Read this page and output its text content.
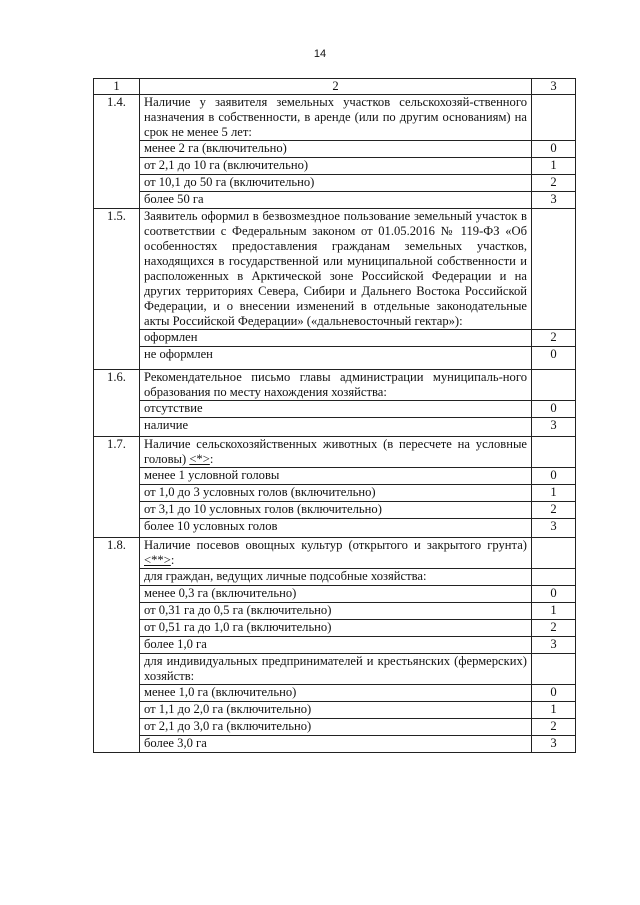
14
1	2	3
1.4.	Наличие у заявителя земельных участков сельскохозяй-ственного назначения в собственности, в аренде (или по другим основаниям) на срок не менее 5 лет:	
	менее 2 га (включительно)	0
	от 2,1 до 10 га (включительно)	1
	от 10,1 до 50 га (включительно)	2
	более 50 га	3
1.5.	Заявитель оформил в безвозмездное пользование земельный участок в соответствии с Федеральным законом от 01.05.2016 № 119-ФЗ «Об особенностях предоставления гражданам земельных участков, находящихся в государственной или муниципальной собственности и расположенных в Арктической зоне Российской Федерации и на других территориях Севера, Сибири и Дальнего Востока Российской Федерации, и о внесении изменений в отдельные законодательные акты Российской Федерации» («дальневосточный гектар»):	
	оформлен	2
	не оформлен	0
1.6.	Рекомендательное письмо главы администрации муниципаль-ного образования по месту нахождения хозяйства:	
	отсутствие	0
	наличие	3
1.7.	Наличие сельскохозяйственных животных (в пересчете на условные головы) <*>:	
	менее 1 условной головы	0
	от 1,0 до 3 условных голов (включительно)	1
	от 3,1 до 10 условных голов (включительно)	2
	более 10 условных голов	3
1.8.	Наличие посевов овощных культур (открытого и закрытого грунта) <**>:	
	для граждан, ведущих личные подсобные хозяйства:	
	менее 0,3 га (включительно)	0
	от 0,31 га до 0,5 га (включительно)	1
	от 0,51 га до 1,0 га (включительно)	2
	более 1,0 га	3
	для индивидуальных предпринимателей и крестьянских (фермерских) хозяйств:	
	менее 1,0 га (включительно)	0
	от 1,1 до 2,0 га (включительно)	1
	от 2,1 до 3,0 га (включительно)	2
	более 3,0 га	3
